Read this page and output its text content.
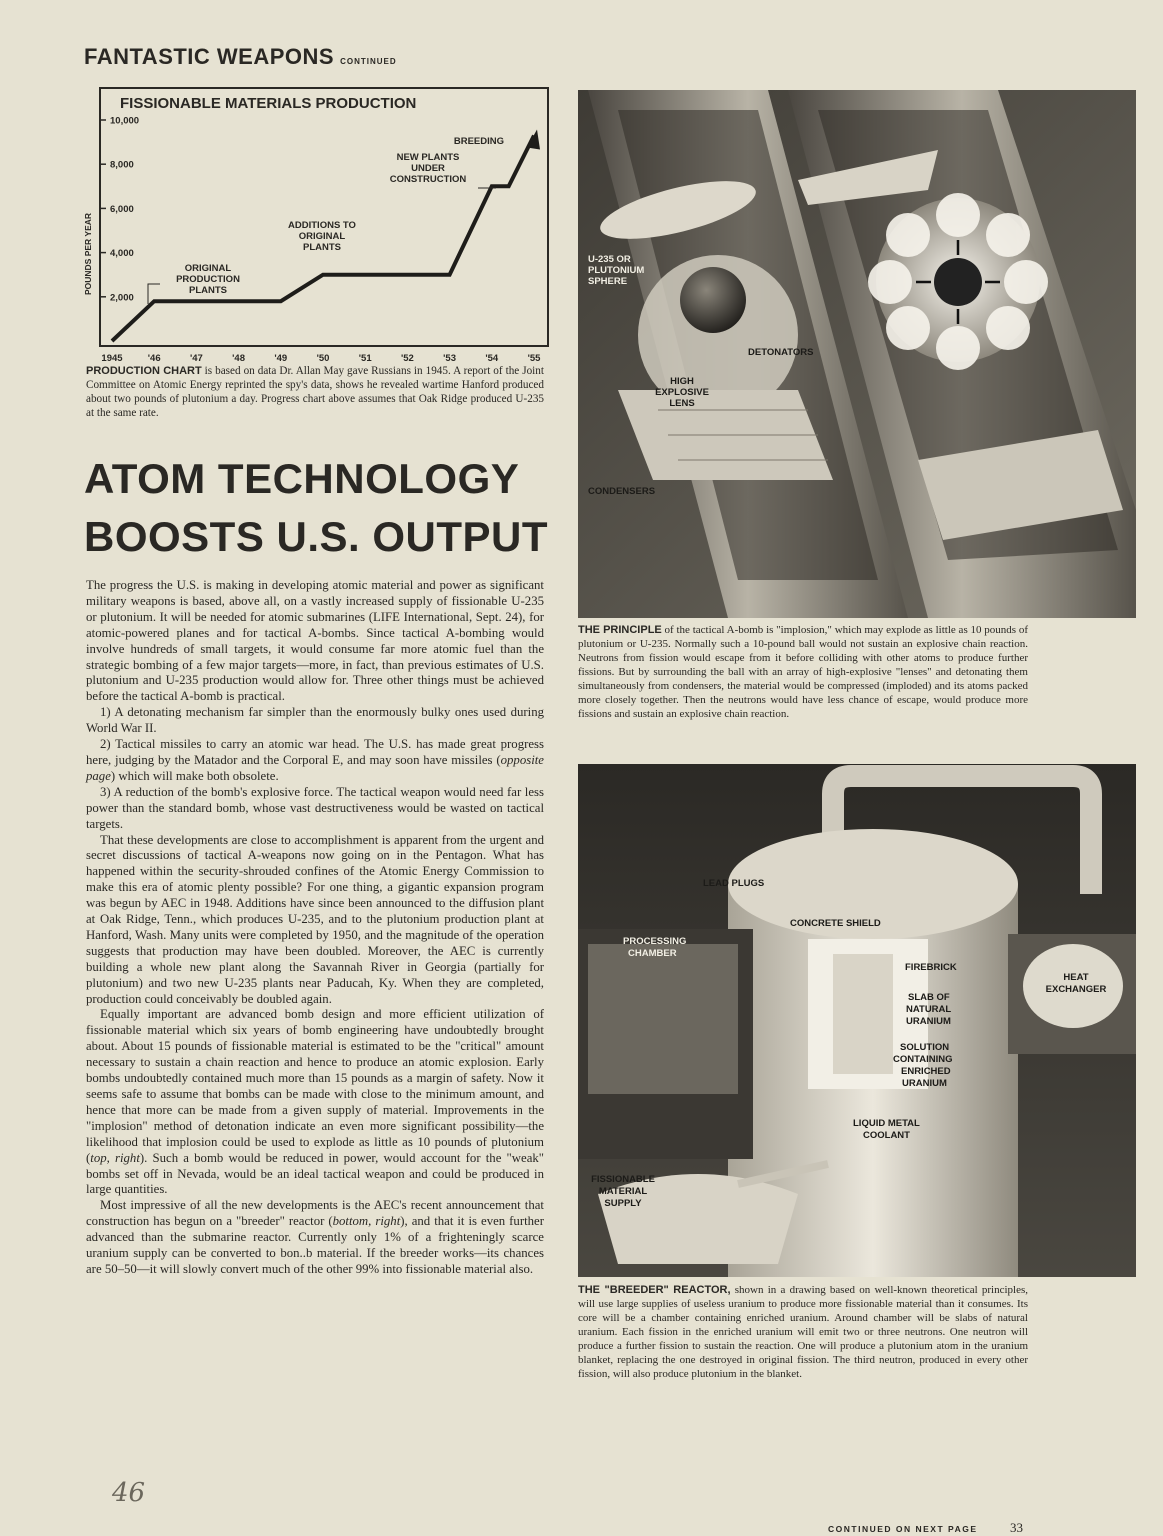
FANTASTIC WEAPONS CONTINUED
FISSIONABLE MATERIALS PRODUCTION
POUNDS PER YEAR
2,000
4,000
6,000
8,000
10,000
1945	'46	'47	'48	'49	'50	'51	'52	'53	'54	'55
ORIGINAL
PRODUCTION
PLANTS
ADDITIONS TO
ORIGINAL
PLANTS
NEW PLANTS
UNDER
CONSTRUCTION
BREEDING
PRODUCTION CHART is based on data Dr. Allan May gave Russians in 1945. A report of the Joint Committee on Atomic Energy reprinted the spy's data, shows he revealed wartime Hanford produced about two pounds of plutonium a day. Progress chart above assumes that Oak Ridge produced U-235 at the same rate.
ATOM TECHNOLOGY
BOOSTS U.S. OUTPUT

The progress the U.S. is making in developing atomic material and power as significant military weapons is based, above all, on a vastly increased supply of fissionable U-235 or plutonium. It will be needed for atomic submarines (LIFE International, Sept. 24), for atomic-powered planes and for tactical A-bombs. Since tactical A-bombing would involve hundreds of small targets, it would consume far more atomic fuel than the strategic bombing of a few major targets—more, in fact, than previous estimates of U.S. plutonium and U-235 production would allow for. Three other things must be achieved before the tactical A-bomb is practical.

1) A detonating mechanism far simpler than the enormously bulky ones used during World War II.

2) Tactical missiles to carry an atomic war head. The U.S. has made great progress here, judging by the Matador and the Corporal E, and may soon have missiles (opposite page) which will make both obsolete.

3) A reduction of the bomb's explosive force. The tactical weapon would need far less power than the standard bomb, whose vast destructiveness would be wasted on tactical targets.

That these developments are close to accomplishment is apparent from the urgent and secret discussions of tactical A-weapons now going on in the Pentagon. What has happened within the security-shrouded confines of the Atomic Energy Commission to make this era of atomic plenty possible? For one thing, a gigantic expansion program was begun by AEC in 1948. Additions have since been announced to the diffusion plant at Oak Ridge, Tenn., which produces U-235, and to the plutonium production plant at Hanford, Wash. Many units were completed by 1950, and the magnitude of the operation suggests that production may have been doubled. Moreover, the AEC is currently building a whole new plant along the Savannah River in Georgia (partially for plutonium) and two new U-235 plants near Paducah, Ky. When they are completed, production could conceivably be doubled again.

Equally important are advanced bomb design and more efficient utilization of fissionable material which six years of bomb engineering have undoubtedly brought about. About 15 pounds of fissionable material is estimated to be the "critical" amount necessary to sustain a chain reaction and hence to produce an atomic explosion. Early bombs undoubtedly contained much more than 15 pounds as a margin of safety. Now it seems safe to assume that bombs can be made with close to the minimum amount, and hence that more can be made from a given supply of material. Improvements in the "implosion" method of detonation indicate an even more significant possibility—the likelihood that implosion could be used to explode as little as 10 pounds of plutonium (top, right). Such a bomb would be reduced in power, would account for the "weak" bombs set off in Nevada, would be an ideal tactical weapon and could be produced in large quantities.

Most impressive of all the new developments is the AEC's recent announcement that construction has begun on a "breeder" reactor (bottom, right), and that it is even further advanced than the submarine reactor. Currently only 1% of a frighteningly scarce uranium supply can be converted to bon..b material. If the breeder works—its chances are 50–50—it will slowly convert much of the other 99% into fissionable material also.

U-235 OR
PLUTONIUM
SPHERE
DETONATORS
HIGH
EXPLOSIVE
LENS
CONDENSERS
THE PRINCIPLE of the tactical A-bomb is "implosion," which may explode as little as 10 pounds of plutonium or U-235. Normally such a 10-pound ball would not sustain an explosive chain reaction. Neutrons from fission would escape from it before colliding with other atoms to produce further fissions. But by surrounding the ball with an array of high-explosive "lenses" and detonating them simultaneously from condensers, the material would be compressed (imploded) and its atoms packed more closely together. Then the neutrons would have less chance of escape, would produce more fissions and sustain an explosive chain reaction.
LEAD PLUGS
CONCRETE SHIELD
PROCESSING
CHAMBER
FIREBRICK
SLAB OF
NATURAL
URANIUM
HEAT
EXCHANGER
SOLUTION
CONTAINING
ENRICHED
URANIUM
LIQUID METAL
COOLANT
FISSIONABLE
MATERIAL
SUPPLY
THE "BREEDER" REACTOR, shown in a drawing based on well-known theoretical principles, will use large supplies of useless uranium to produce more fissionable material than it consumes. Its core will be a chamber containing enriched uranium. Around chamber will be slabs of natural uranium. Each fission in the enriched uranium will emit two or three neutrons. One neutron will produce a further fission to sustain the reaction. One will produce a plutonium atom in the uranium blanket, replacing the one destroyed in original fission. The third neutron, produced in every other fission, will also produce plutonium in the blanket.
CONTINUED ON NEXT PAGE	33
46
